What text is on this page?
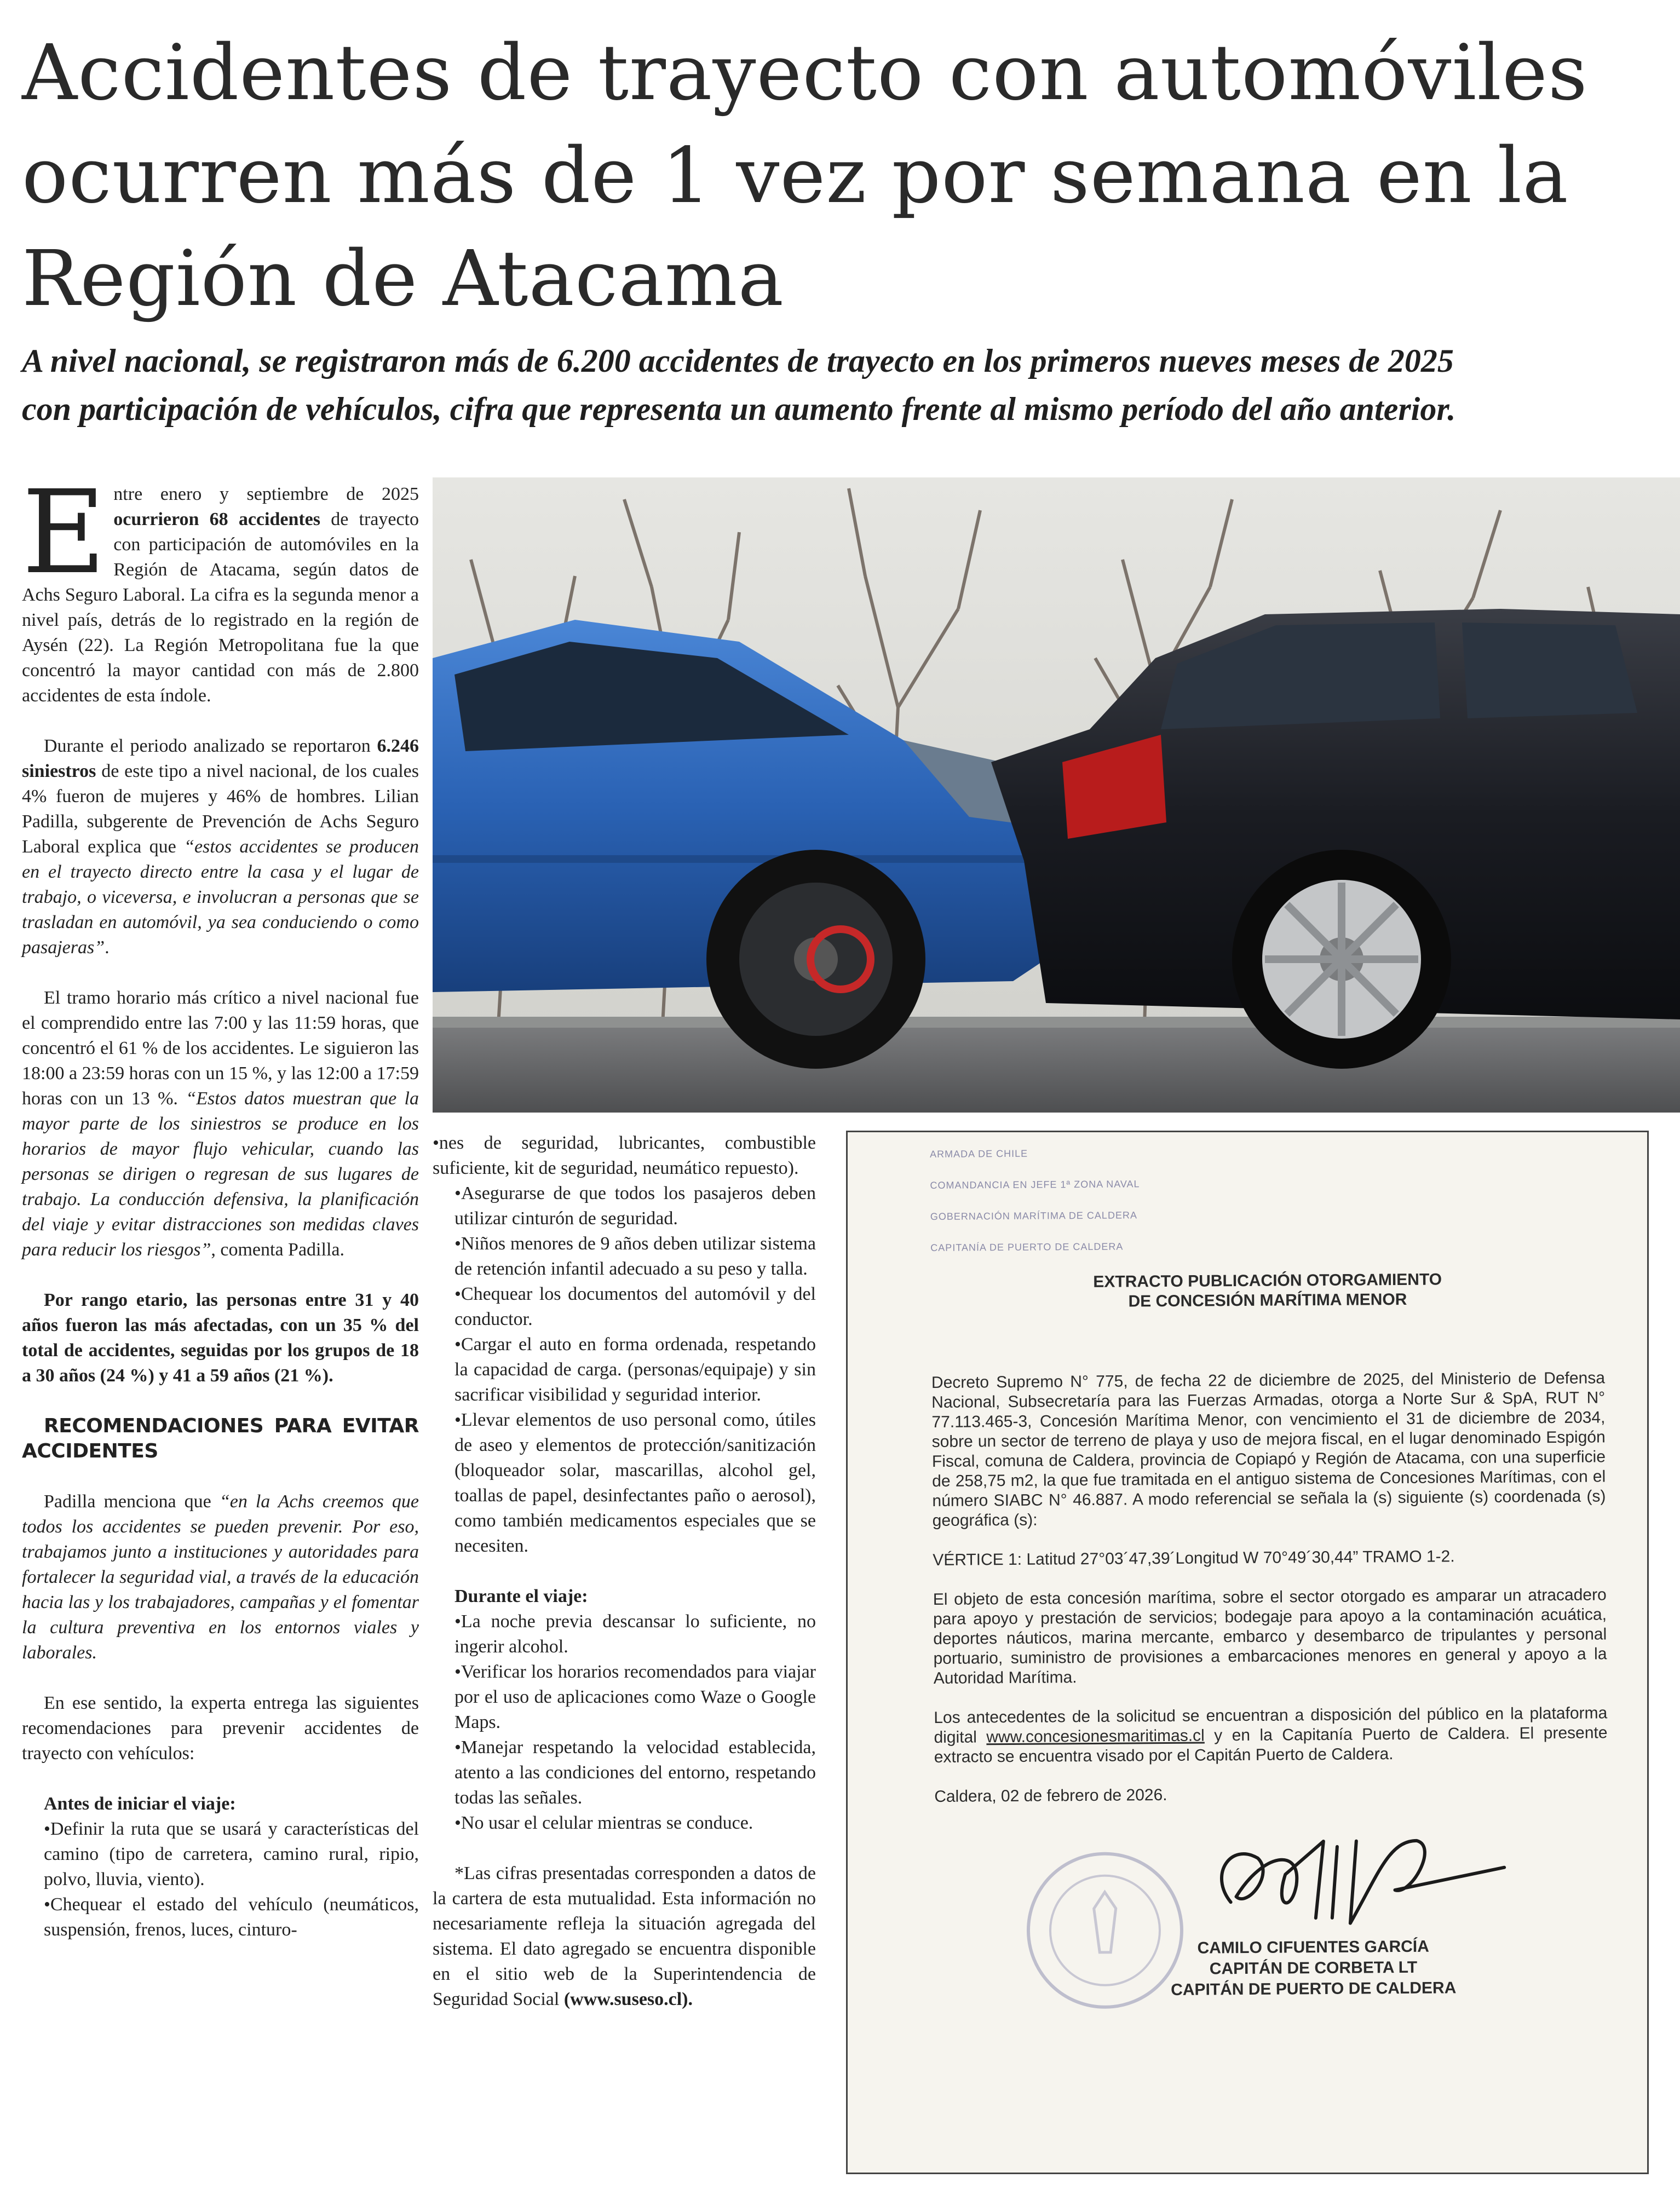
Accidentes de trayecto con automóviles
ocurren más de 1 vez por semana en la
Región de Atacama
A nivel nacional, se registraron más de 6.200 accidentes de trayecto en los primeros nueves meses de 2025
con participación de vehículos, cifra que representa un aumento frente al mismo período del año anterior.

Entre enero y septiembre de 2025 ocurrieron 68 accidentes de trayecto con participación de automóviles en la Región de Atacama, según datos de Achs Seguro Laboral. La cifra es la segunda menor a nivel país, detrás de lo registrado en la región de Aysén (22). La Región Metropolitana fue la que concentró la mayor cantidad con más de 2.800 accidentes de esta índole.

Durante el periodo analizado se reportaron 6.246 siniestros de este tipo a nivel nacional, de los cuales 4% fueron de mujeres y 46% de hombres. Lilian Padilla, subgerente de Prevención de Achs Seguro Laboral explica que “estos accidentes se producen en el trayecto directo entre la casa y el lugar de trabajo, o viceversa, e involucran a personas que se trasladan en automóvil, ya sea conduciendo o como pasajeras”.

El tramo horario más crítico a nivel nacional fue el comprendido entre las 7:00 y las 11:59 horas, que concentró el 61 % de los accidentes. Le siguieron las 18:00 a 23:59 horas con un 15 %, y las 12:00 a 17:59 horas con un 13 %. “Estos datos muestran que la mayor parte de los siniestros se produce en los horarios de mayor flujo vehicular, cuando las personas se dirigen o regresan de sus lugares de trabajo. La conducción defensiva, la planificación del viaje y evitar distracciones son medidas claves para reducir los riesgos”, comenta Padilla.

Por rango etario, las personas entre 31 y 40 años fueron las más afectadas, con un 35 % del total de accidentes, seguidas por los grupos de 18 a 30 años (24 %) y 41 a 59 años (21 %).

RECOMENDACIONES PARA EVITAR ACCIDENTES

Padilla menciona que “en la Achs creemos que todos los accidentes se pueden prevenir. Por eso, trabajamos junto a instituciones y autoridades para fortalecer la seguridad vial, a través de la educación hacia las y los trabajadores, campañas y el fomentar la cultura preventiva en los entornos viales y laborales.

En ese sentido, la experta entrega las siguientes recomendaciones para prevenir accidentes de trayecto con vehículos:

Antes de iniciar el viaje:

• Definir la ruta que se usará y características del camino (tipo de carretera, camino rural, ripio, polvo, lluvia, viento).

• Chequear el estado del vehículo (neumáticos, suspensión, frenos, luces, cinturo-

• nes de seguridad, lubricantes, combustible suficiente, kit de seguridad, neumático repuesto).

• Asegurarse de que todos los pasajeros deben utilizar cinturón de seguridad.

• Niños menores de 9 años deben utilizar sistema de retención infantil adecuado a su peso y talla.

• Chequear los documentos del automóvil y del conductor.

• Cargar el auto en forma ordenada, respetando la capacidad de carga. (personas/equipaje) y sin sacrificar visibilidad y seguridad interior.

• Llevar elementos de uso personal como, útiles de aseo y elementos de protección/sanitización (bloqueador solar, mascarillas, alcohol gel, toallas de papel, desinfectantes paño o aerosol), como también medicamentos especiales que se necesiten.

Durante el viaje:

• La noche previa descansar lo suficiente, no ingerir alcohol.

• Verificar los horarios recomendados para viajar por el uso de aplicaciones como Waze o Google Maps.

• Manejar respetando la velocidad establecida, atento a las condiciones del entorno, respetando todas las señales.

• No usar el celular mientras se conduce.

*Las cifras presentadas corresponden a datos de la cartera de esta mutualidad. Esta información no necesariamente refleja la situación agregada del sistema. El dato agregado se encuentra disponible en el sitio web de la Superintendencia de Seguridad Social (www.suseso.cl).

ARMADA DE CHILE

COMANDANCIA EN JEFE 1ª ZONA NAVAL

GOBERNACIÓN MARÍTIMA DE CALDERA

CAPITANÍA DE PUERTO DE CALDERA

EXTRACTO PUBLICACIÓN OTORGAMIENTO

DE CONCESIÓN MARÍTIMA MENOR

Decreto Supremo N° 775, de fecha 22 de diciembre de 2025, del Ministerio de Defensa Nacional, Subsecretaría para las Fuerzas Armadas, otorga a Norte Sur & SpA, RUT N° 77.113.465-3, Concesión Marítima Menor, con vencimiento el 31 de diciembre de 2034, sobre un sector de terreno de playa y uso de mejora fiscal, en el lugar denominado Espigón Fiscal, comuna de Caldera, provincia de Copiapó y Región de Atacama, con una superficie de 258,75 m2, la que fue tramitada en el antiguo sistema de Concesiones Marítimas, con el número SIABC N° 46.887. A modo referencial se señala la (s) siguiente (s) coordenada (s) geográfica (s):

VÉRTICE 1: Latitud 27°03´47,39´Longitud W 70°49´30,44” TRAMO 1-2.

El objeto de esta concesión marítima, sobre el sector otorgado es amparar un atracadero para apoyo y prestación de servicios; bodegaje para apoyo a la contaminación acuática, deportes náuticos, marina mercante, embarco y desembarco de tripulantes y personal portuario, suministro de provisiones a embarcaciones menores en general y apoyo a la Autoridad Marítima.

Los antecedentes de la solicitud se encuentran a disposición del público en la plataforma digital www.concesionesmaritimas.cl y en la Capitanía Puerto de Caldera. El presente extracto se encuentra visado por el Capitán Puerto de Caldera.

Caldera, 02 de febrero de 2026.

CAMILO CIFUENTES GARCÍA
CAPITÁN DE CORBETA LT
CAPITÁN DE PUERTO DE CALDERA
